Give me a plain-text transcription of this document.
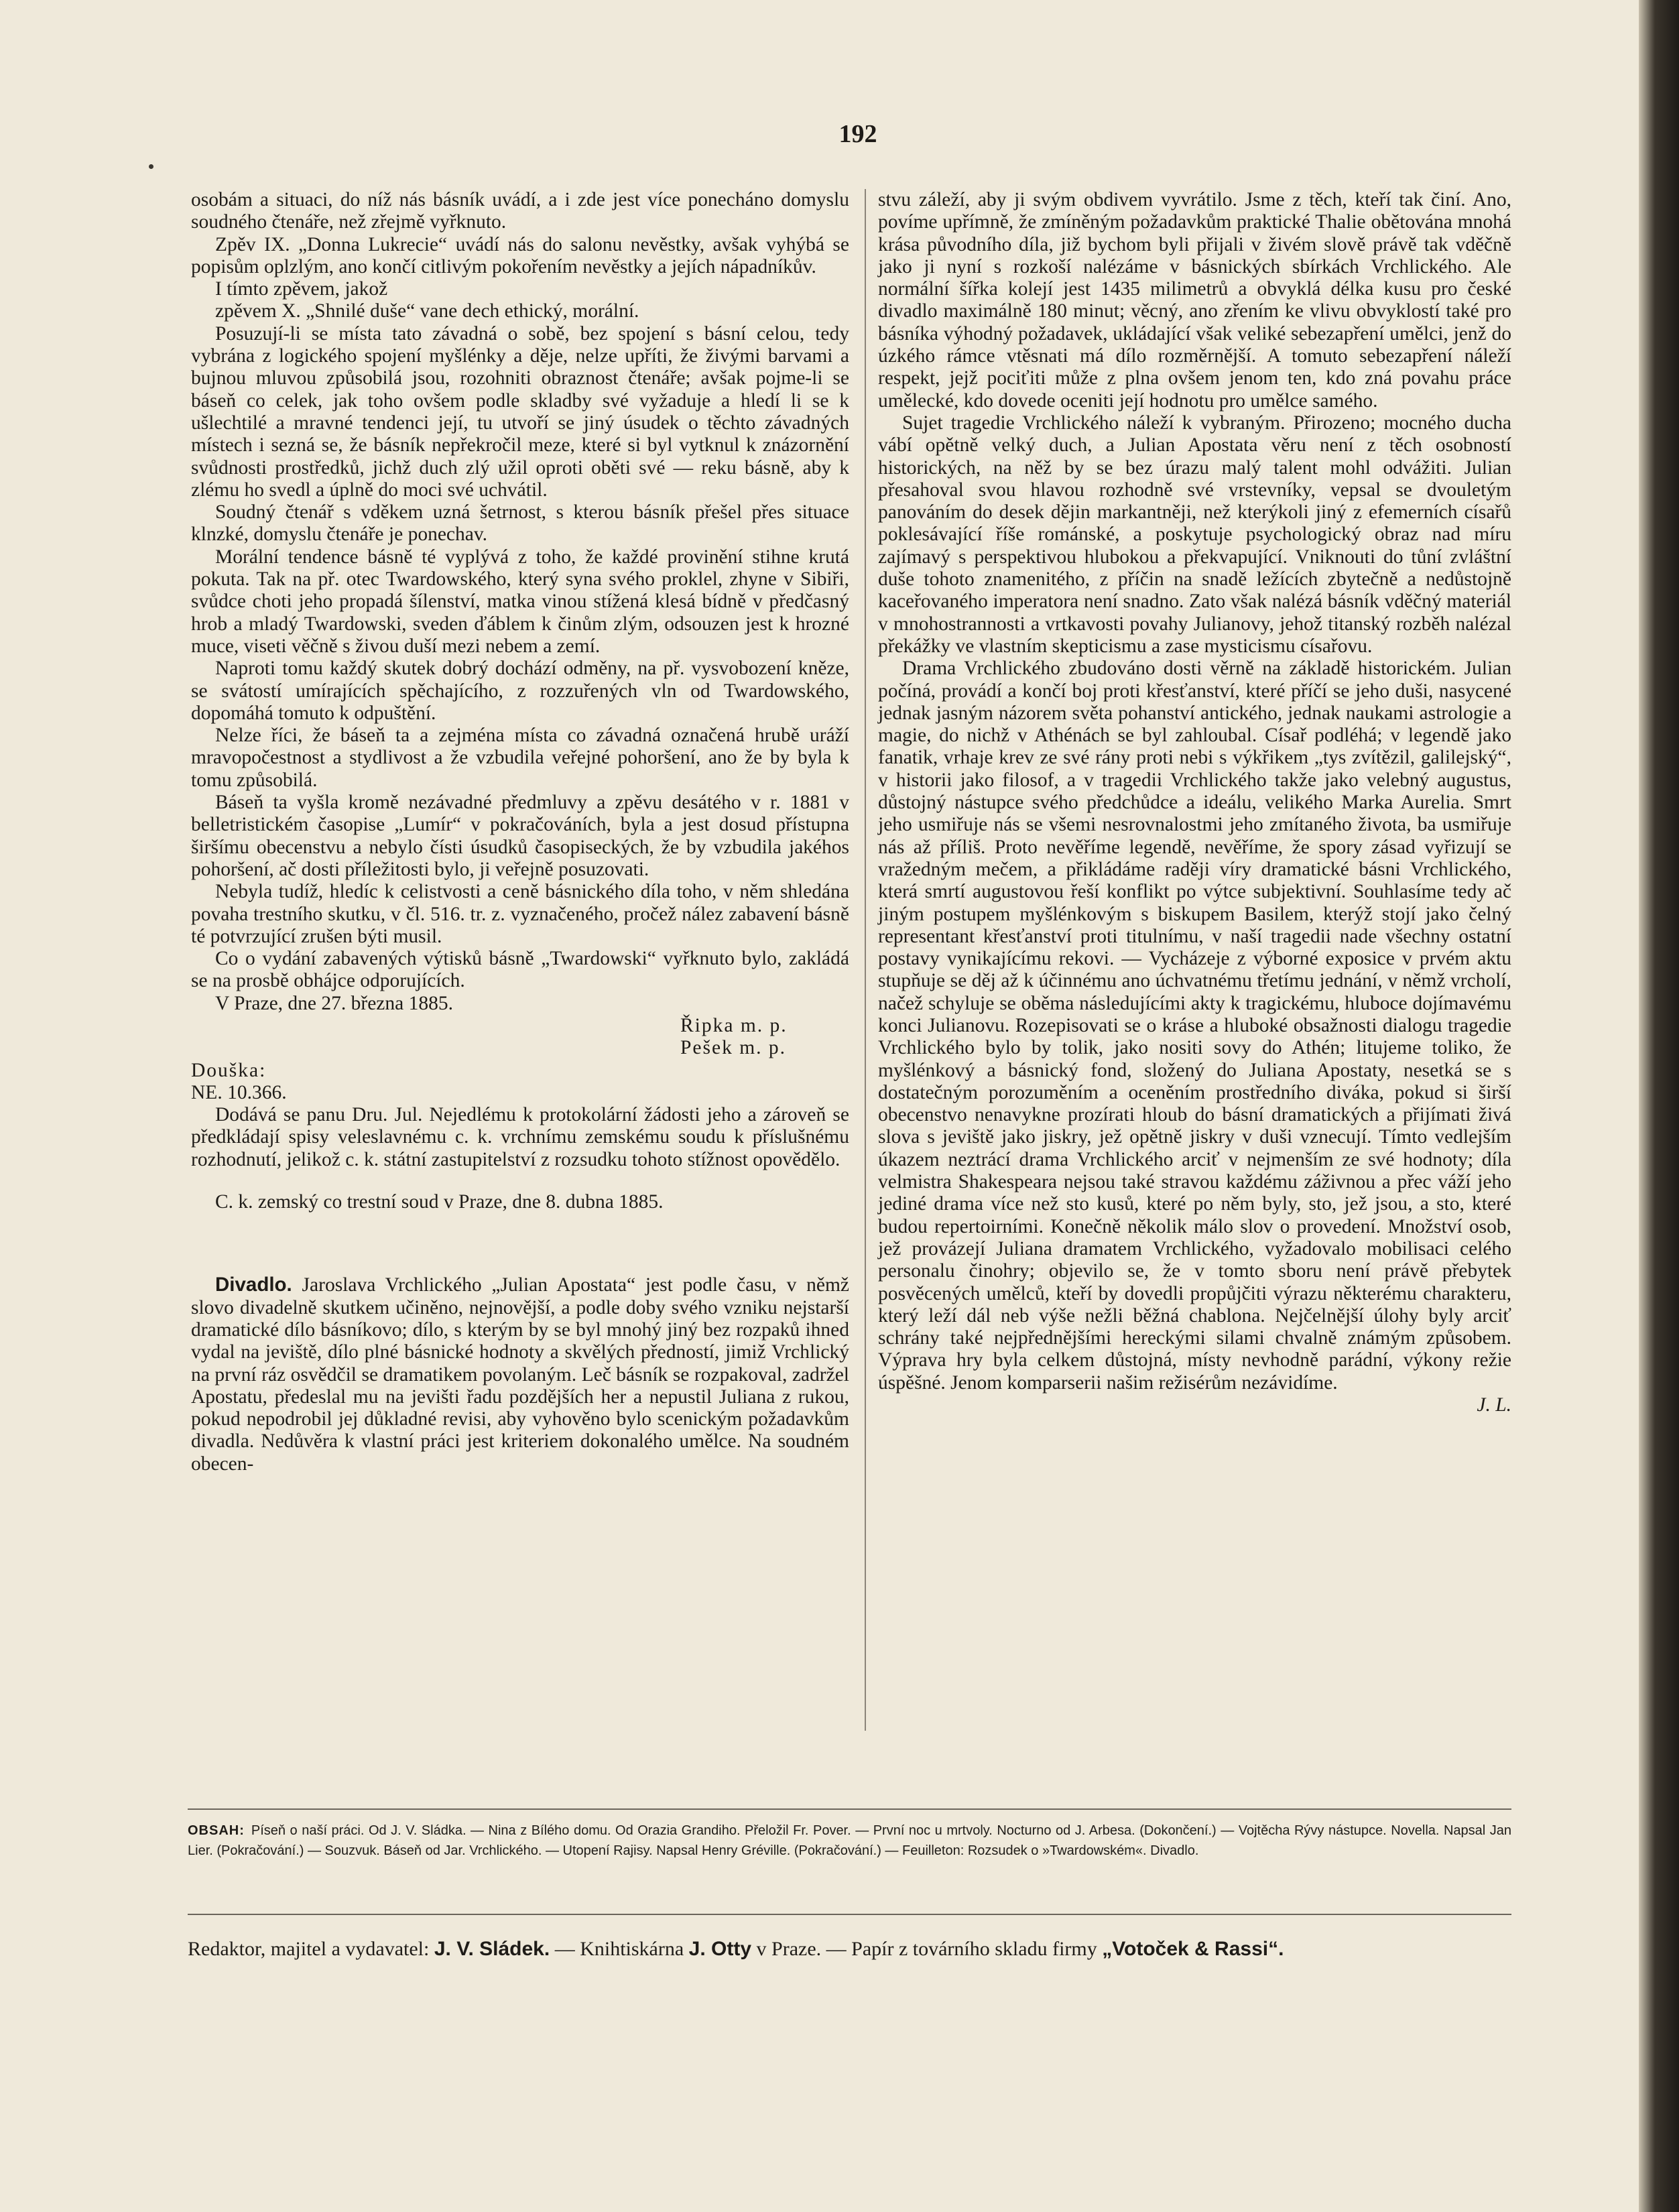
192

osobám a situaci, do níž nás básník uvádí, a i zde jest více ponecháno domyslu soudného čtenáře, než zřejmě vyřknuto.

Zpěv IX. „Donna Lukrecie“ uvádí nás do salonu nevěstky, avšak vyhýbá se popisům oplzlým, ano končí citlivým pokořením nevěstky a jejích nápadníkův.

I tímto zpěvem, jakož

zpěvem X. „Shnilé duše“ vane dech ethický, morální.

Posuzují-li se místa tato závadná o sobě, bez spojení s básní celou, tedy vybrána z logického spojení myšlénky a děje, nelze upříti, že živými barvami a bujnou mluvou způsobilá jsou, rozohniti obraznost čtenáře; avšak pojme-li se báseň co celek, jak toho ovšem podle skladby své vyžaduje a hledí li se k ušlechtilé a mravné tendenci její, tu utvoří se jiný úsudek o těchto závadných místech i sezná se, že básník nepřekročil meze, které si byl vytknul k znázornění svůdnosti prostředků, jichž duch zlý užil oproti oběti své — reku básně, aby k zlému ho svedl a úplně do moci své uchvátil.

Soudný čtenář s vděkem uzná šetrnost, s kterou básník přešel přes situace klnzké, domyslu čtenáře je ponechav.

Morální tendence básně té vyplývá z toho, že každé provinění stihne krutá pokuta. Tak na př. otec Twardowského, který syna svého proklel, zhyne v Sibiři, svůdce choti jeho propadá šílenství, matka vinou stížená klesá bídně v předčasný hrob a mladý Twardowski, sveden ďáblem k činům zlým, odsouzen jest k hrozné muce, viseti věčně s živou duší mezi nebem a zemí.

Naproti tomu každý skutek dobrý dochází odměny, na př. vysvobození kněze, se svátostí umírajících spěchajícího, z rozzuřených vln od Twardowského, dopomáhá tomuto k odpuštění.

Nelze říci, že báseň ta a zejména místa co závadná označená hrubě uráží mravopočestnost a stydlivost a že vzbudila veřejné pohoršení, ano že by byla k tomu způsobilá.

Báseň ta vyšla kromě nezávadné předmluvy a zpěvu desátého v r. 1881 v belletristickém časopise „Lumír“ v pokračováních, byla a jest dosud přístupna širšímu obecenstvu a nebylo čísti úsudků časopiseckých, že by vzbudila jakéhos pohoršení, ač dosti příležitosti bylo, ji veřejně posuzovati.

Nebyla tudíž, hledíc k celistvosti a ceně básnického díla toho, v něm shledána povaha trestního skutku, v čl. 516. tr. z. vyznačeného, pročež nález zabavení básně té potvrzující zrušen býti musil.

Co o vydání zabavených výtisků básně „Twardowski“ vyřknuto bylo, zakládá se na prosbě obhájce odporujících.

V Praze, dne 27. března 1885.

Řipka m. p.
Pešek m. p.

Douška:

NE. 10.366.

Dodává se panu Dru. Jul. Nejedlému k protokolární žádosti jeho a zároveň se předkládají spisy veleslavnému c. k. vrchnímu zemskému soudu k příslušnému rozhodnutí, jelikož c. k. státní zastupitelství z rozsudku tohoto stížnost opovědělo.

C. k. zemský co trestní soud v Praze, dne 8. dubna 1885.

Divadlo. Jaroslava Vrchlického „Julian Apostata“ jest podle času, v němž slovo divadelně skutkem učiněno, nejnovější, a podle doby svého vzniku nejstarší dramatické dílo básníkovo; dílo, s kterým by se byl mnohý jiný bez rozpaků ihned vydal na jeviště, dílo plné básnické hodnoty a skvělých předností, jimiž Vrchlický na první ráz osvědčil se dramatikem povolaným. Leč básník se rozpakoval, zadržel Apostatu, předeslal mu na jevišti řadu pozdějších her a nepustil Juliana z rukou, pokud nepodrobil jej důkladné revisi, aby vyhověno bylo scenickým požadavkům divadla. Nedůvěra k vlastní práci jest kriteriem dokonalého umělce. Na soudném obecen-

stvu záleží, aby ji svým obdivem vyvrátilo. Jsme z těch, kteří tak činí. Ano, povíme upřímně, že zmíněným požadavkům praktické Thalie obětována mnohá krása původního díla, již bychom byli přijali v živém slově právě tak vděčně jako ji nyní s rozkoší nalézáme v básnických sbírkách Vrchlického. Ale normální šířka kolejí jest 1435 milimetrů a obvyklá délka kusu pro české divadlo maximálně 180 minut; věcný, ano zřením ke vlivu obvyklostí také pro básníka výhodný požadavek, ukládající však veliké sebezapření umělci, jenž do úzkého rámce vtěsnati má dílo rozměrnější. A tomuto sebezapření náleží respekt, jejž pociťiti může z plna ovšem jenom ten, kdo zná povahu práce umělecké, kdo dovede oceniti její hodnotu pro umělce samého.

Sujet tragedie Vrchlického náleží k vybraným. Přirozeno; mocného ducha vábí opětně velký duch, a Julian Apostata věru není z těch osobností historických, na něž by se bez úrazu malý talent mohl odvážiti. Julian přesahoval svou hlavou rozhodně své vrstevníky, vepsal se dvouletým panováním do desek dějin markantněji, než kterýkoli jiný z efemerních císařů poklesávající říše románské, a poskytuje psychologický obraz nad míru zajímavý s perspektivou hlubokou a překvapující. Vniknouti do tůní zvláštní duše tohoto znamenitého, z příčin na snadě ležících zbytečně a nedůstojně kaceřovaného imperatora není snadno. Zato však nalézá básník vděčný materiál v mnohostrannosti a vrtkavosti povahy Julianovy, jehož titanský rozběh nalézal překážky ve vlastním skepticismu a zase mysticismu císařovu.

Drama Vrchlického zbudováno dosti věrně na základě historickém. Julian počíná, provádí a končí boj proti křesťanství, které příčí se jeho duši, nasycené jednak jasným názorem světa pohanství antického, jednak naukami astrologie a magie, do nichž v Athénách se byl zahloubal. Císař podléhá; v legendě jako fanatik, vrhaje krev ze své rány proti nebi s výkřikem „tys zvítězil, galilejský“, v historii jako filosof, a v tragedii Vrchlického takže jako velebný augustus, důstojný nástupce svého předchůdce a ideálu, velikého Marka Aurelia. Smrt jeho usmiřuje nás se všemi nesrovnalostmi jeho zmítaného života, ba usmiřuje nás až příliš. Proto nevěříme legendě, nevěříme, že spory zásad vyřizují se vražedným mečem, a přikládáme raději víry dramatické básni Vrchlického, která smrtí augustovou řeší konflikt po výtce subjektivní. Souhlasíme tedy ač jiným postupem myšlénkovým s biskupem Basilem, kterýž stojí jako čelný representant křesťanství proti titulnímu, v naší tragedii nade všechny ostatní postavy vynikajícímu rekovi. — Vycházeje z výborné exposice v prvém aktu stupňuje se děj až k účinnému ano úchvatnému třetímu jednání, v němž vrcholí, načež schyluje se oběma následujícími akty k tragickému, hluboce dojímavému konci Julianovu. Rozepisovati se o kráse a hluboké obsažnosti dialogu tragedie Vrchlického bylo by tolik, jako nositi sovy do Athén; litujeme toliko, že myšlénkový a básnický fond, složený do Juliana Apostaty, nesetká se s dostatečným porozuměním a oceněním prostředního diváka, pokud si širší obecenstvo nenavykne prozírati hloub do básní dramatických a přijímati živá slova s jeviště jako jiskry, jež opětně jiskry v duši vznecují. Tímto vedlejším úkazem neztrácí drama Vrchlického arciť v nejmenším ze své hodnoty; díla velmistra Shakespeara nejsou také stravou každému záživnou a přec váží jeho jediné drama více než sto kusů, které po něm byly, sto, jež jsou, a sto, které budou repertoirními. Konečně několik málo slov o provedení. Množství osob, jež provázejí Juliana dramatem Vrchlického, vyžadovalo mobilisaci celého personalu činohry; objevilo se, že v tomto sboru není právě přebytek posvěcených umělců, kteří by dovedli propůjčiti výrazu některému charakteru, který leží dál neb výše nežli běžná chablona. Nejčelnější úlohy byly arciť schrány také nejpřednějšími hereckými silami chvalně známým způsobem. Výprava hry byla celkem důstojná, místy nevhodně parádní, výkony režie úspěšné. Jenom komparserii našim režisérům nezávidíme.

J. L.

OBSAH: Píseň o naší práci. Od J. V. Sládka. — Nina z Bílého domu. Od Orazia Grandiho. Přeložil Fr. Pover. — První noc u mrtvoly. Nocturno od J. Arbesa. (Dokončení.) — Vojtěcha Rývy nástupce. Novella. Napsal Jan Lier. (Pokračování.) — Souzvuk. Báseň od Jar. Vrchlického. — Utopení Rajisy. Napsal Henry Gréville. (Pokračování.) — Feuilleton: Rozsudek o »Twardowském«. Divadlo.
Redaktor, majitel a vydavatel: J. V. Sládek. — Knihtiskárna J. Otty v Praze. — Papír z továrního skladu firmy „Votoček & Rassi“.
